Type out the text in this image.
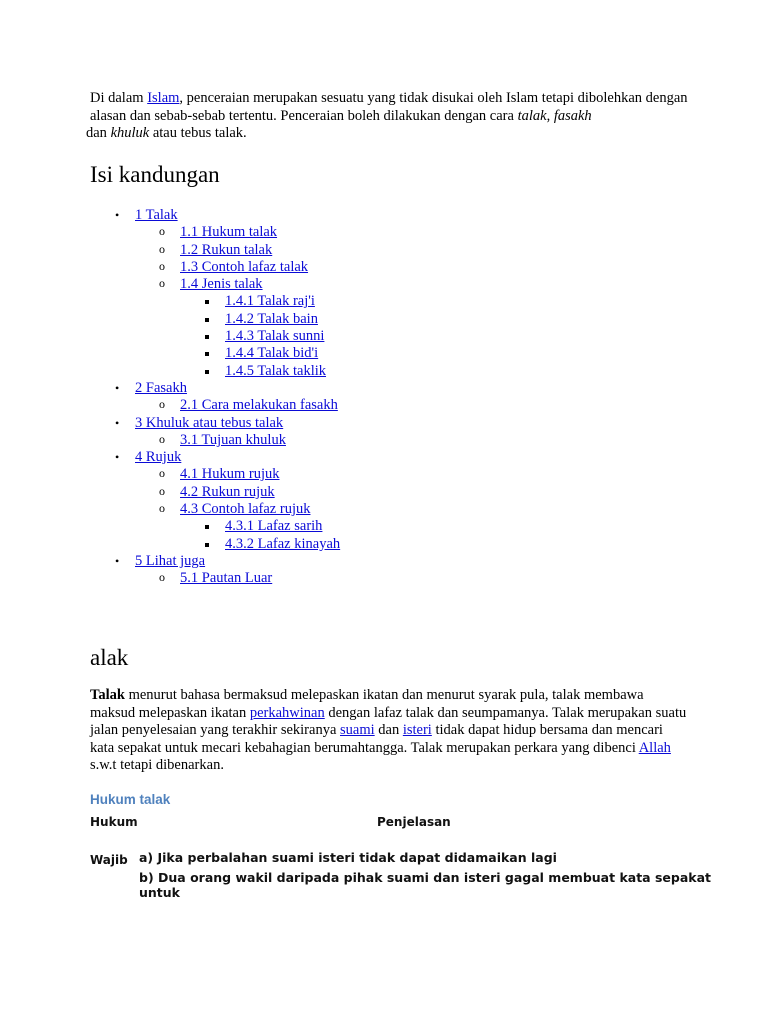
Di dalam Islam, penceraian merupakan sesuatu yang tidak disukai oleh Islam tetapi dibolehkan dengan alasan dan sebab-sebab tertentu. Penceraian boleh dilakukan dengan cara talak, fasakh
dan khuluk atau tebus talak.

Isi kandungan
• 1 Talak
o 1.1 Hukum talak
o 1.2 Rukun talak
o 1.3 Contoh lafaz talak
o 1.4 Jenis talak
1.4.1 Talak raj'i
1.4.2 Talak bain
1.4.3 Talak sunni
1.4.4 Talak bid'i
1.4.5 Talak taklik
• 2 Fasakh
o 2.1 Cara melakukan fasakh
• 3 Khuluk atau tebus talak
o 3.1 Tujuan khuluk
• 4 Rujuk
o 4.1 Hukum rujuk
o 4.2 Rukun rujuk
o 4.3 Contoh lafaz rujuk
4.3.1 Lafaz sarih
4.3.2 Lafaz kinayah
• 5 Lihat juga
o 5.1 Pautan Luar
alak

Talak menurut bahasa bermaksud melepaskan ikatan dan menurut syarak pula, talak membawa maksud melepaskan ikatan perkahwinan dengan lafaz talak dan seumpamanya. Talak merupakan suatu jalan penyelesaian yang terakhir sekiranya suami dan isteri tidak dapat hidup bersama dan mencari kata sepakat untuk mecari kebahagian berumahtangga. Talak merupakan perkara yang dibenci Allah s.w.t tetapi dibenarkan.

Hukum talak
Hukum	Penjelasan
Wajib a) Jika perbalahan suami isteri tidak dapat didamaikan lagi
b) Dua orang wakil daripada pihak suami dan isteri gagal membuat kata sepakat untuk
